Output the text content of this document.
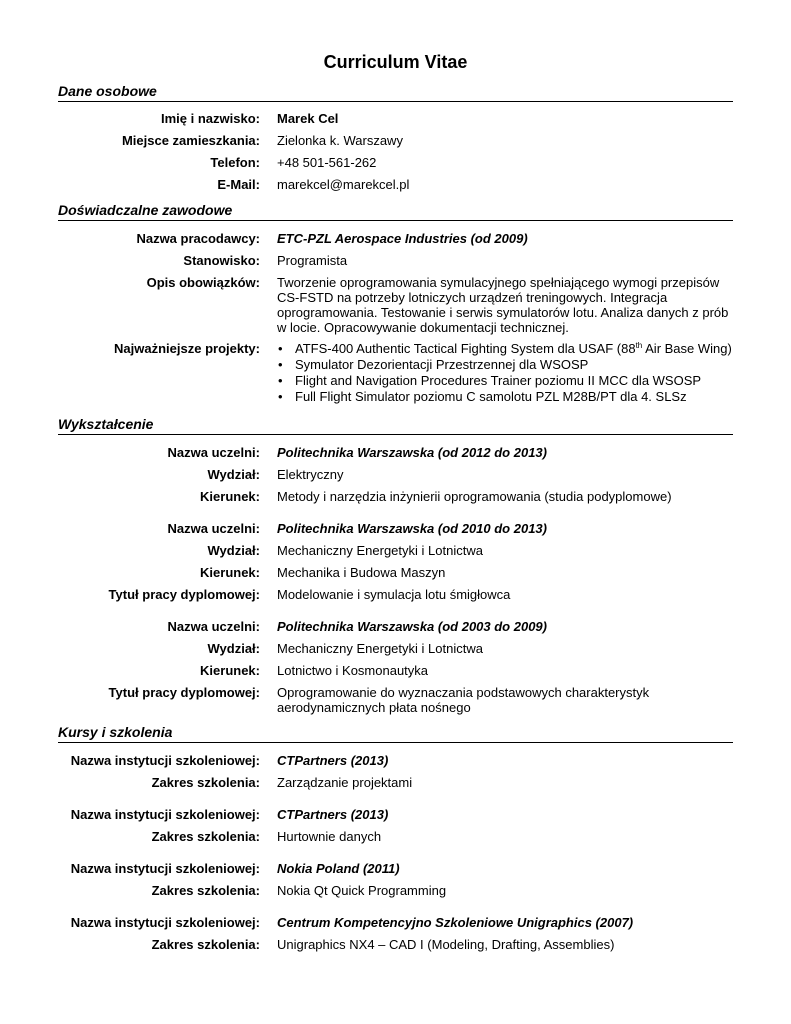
Curriculum Vitae
Dane osobowe
Imię i nazwisko: Marek Cel
Miejsce zamieszkania: Zielonka k. Warszawy
Telefon: +48 501-561-262
E-Mail: marekcel@marekcel.pl
Doświadczalne zawodowe
Nazwa pracodawcy: ETC-PZL Aerospace Industries (od 2009)
Stanowisko: Programista
Opis obowiązków: Tworzenie oprogramowania symulacyjnego spełniającego wymogi przepisów CS-FSTD na potrzeby lotniczych urządzeń treningowych. Integracja oprogramowania. Testowanie i serwis symulatorów lotu. Analiza danych z prób w locie. Opracowywanie dokumentacji technicznej.
Najważniejsze projekty: • ATFS-400 Authentic Tactical Fighting System dla USAF (88th Air Base Wing)
• Symulator Dezorientacji Przestrzennej dla WSOSP
• Flight and Navigation Procedures Trainer poziomu II MCC dla WSOSP
• Full Flight Simulator poziomu C samolotu PZL M28B/PT dla 4. SLSz
Wykształcenie
Nazwa uczelni: Politechnika Warszawska (od 2012 do 2013)
Wydział: Elektryczny
Kierunek: Metody i narzędzia inżynierii oprogramowania (studia podyplomowe)
Nazwa uczelni: Politechnika Warszawska (od 2010 do 2013)
Wydział: Mechaniczny Energetyki i Lotnictwa
Kierunek: Mechanika i Budowa Maszyn
Tytuł pracy dyplomowej: Modelowanie i symulacja lotu śmigłowca
Nazwa uczelni: Politechnika Warszawska (od 2003 do 2009)
Wydział: Mechaniczny Energetyki i Lotnictwa
Kierunek: Lotnictwo i Kosmonautyka
Tytuł pracy dyplomowej: Oprogramowanie do wyznaczania podstawowych charakterystyk aerodynamicznych płata nośnego
Kursy i szkolenia
Nazwa instytucji szkoleniowej: CTPartners (2013)
Zakres szkolenia: Zarządzanie projektami
Nazwa instytucji szkoleniowej: CTPartners (2013)
Zakres szkolenia: Hurtownie danych
Nazwa instytucji szkoleniowej: Nokia Poland (2011)
Zakres szkolenia: Nokia Qt Quick Programming
Nazwa instytucji szkoleniowej: Centrum Kompetencyjno Szkoleniowe Unigraphics (2007)
Zakres szkolenia: Unigraphics NX4 – CAD I (Modeling, Drafting, Assemblies)
